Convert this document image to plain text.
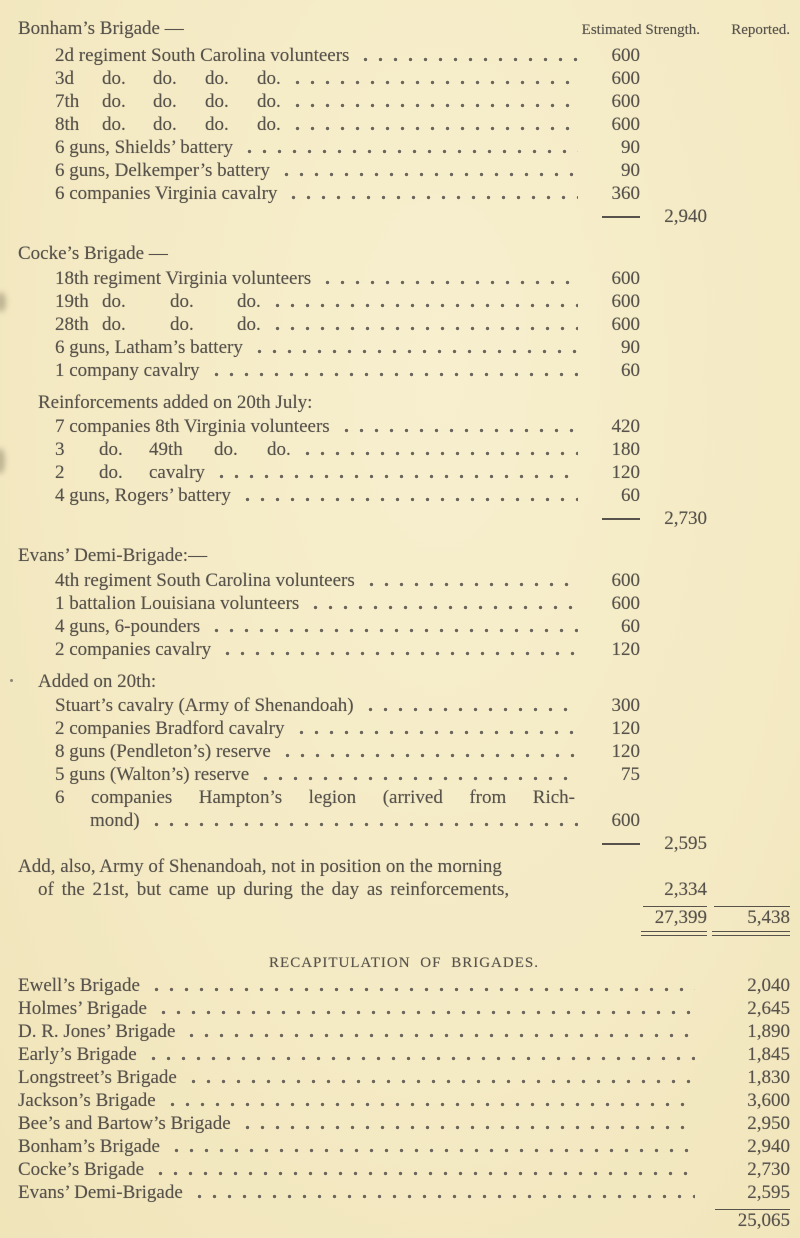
Bonham’s Brigade —	Estimated Strength.	Reported.
2d regiment South Carolina volunteers	600
3d	do.	do.	do.	do.	600
7th	do.	do.	do.	do.	600
8th	do.	do.	do.	do.	600
6 guns, Shields’ battery	90
6 guns, Delkemper’s battery	90
6 companies Virginia cavalry	360
2,940
Cocke’s Brigade —
18th regiment Virginia volunteers	600
19th do.	do.	do.	600
28th do.	do.	do.	600
6 guns, Latham’s battery	90
1 company cavalry	60
Reinforcements added on 20th July:
7 companies 8th Virginia volunteers	420
3	do.	49th	do.	do.	180
2	do.	cavalry	120
4 guns, Rogers’ battery	60
2,730
Evans’ Demi-Brigade:—
4th regiment South Carolina volunteers	600
1 battalion Louisiana volunteers	600
4 guns, 6-pounders	60
2 companies cavalry	120
Added on 20th:
Stuart’s cavalry (Army of Shenandoah)	300
2 companies Bradford cavalry	120
8 guns (Pendleton’s) reserve	120
5 guns (Walton’s) reserve	75
6 companies Hampton’s legion (arrived from Rich-
mond)	600
2,595
Add, also, Army of Shenandoah, not in position on the morning
of the 21st, but came up during the day as reinforcements,	2,334
27,399 5,438
RECAPITULATION OF BRIGADES.
Ewell’s Brigade	2,040
Holmes’ Brigade	2,645
D. R. Jones’ Brigade	1,890
Early’s Brigade	1,845
Longstreet’s Brigade	1,830
Jackson’s Brigade	3,600
Bee’s and Bartow’s Brigade	2,950
Bonham’s Brigade	2,940
Cocke’s Brigade	2,730
Evans’ Demi-Brigade	2,595
25,065
